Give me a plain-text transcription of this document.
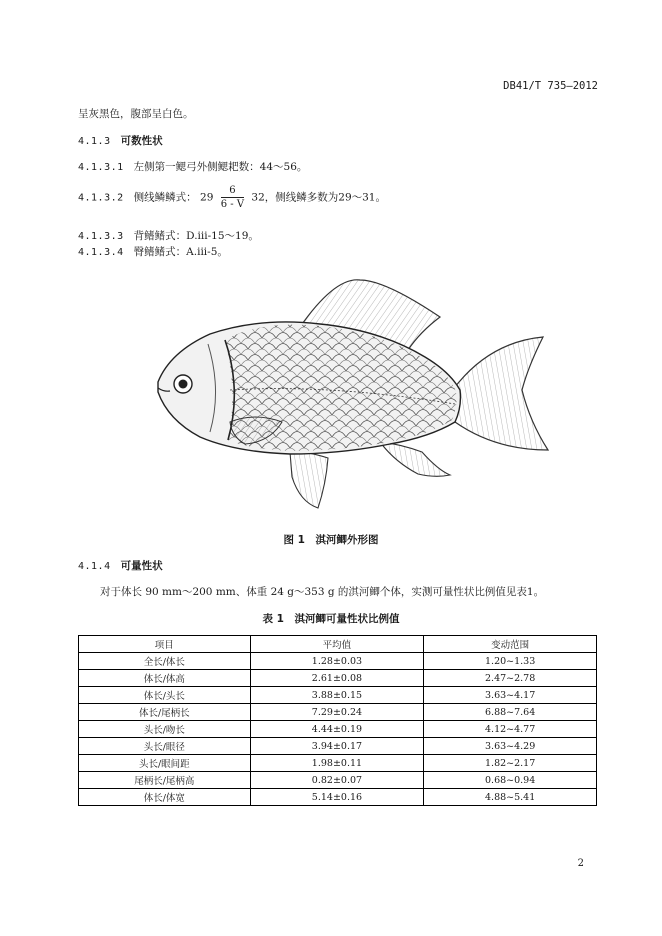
DB41/T 735—2012
呈灰黑色，腹部呈白色。
4.1.3 可数性状
4.1.3.1 左侧第一鳃弓外侧鳃耙数：44～56。
4.1.3.2 侧线鳞鳞式： $29 \frac{6}{6 - V} 32$，侧线鳞多数为29～31。
4.1.3.3 背鳍鳍式：D.iii-15～19。
4.1.3.4 臀鳍鳍式：A.iii-5。
图 1　淇河鲫外形图
4.1.4 可量性状
对于体长 90 mm～200 mm、体重 24 g～353 g 的淇河鲫个体，实测可量性状比例值见表1。
表 1　淇河鲫可量性状比例值
项目	平均值	变动范围
全长/体长	1.28±0.03	1.20~1.33
体长/体高	2.61±0.08	2.47~2.78
体长/头长	3.88±0.15	3.63~4.17
体长/尾柄长	7.29±0.24	6.88~7.64
头长/吻长	4.44±0.19	4.12~4.77
头长/眼径	3.94±0.17	3.63~4.29
头长/眼间距	1.98±0.11	1.82~2.17
尾柄长/尾柄高	0.82±0.07	0.68~0.94
体长/体宽	5.14±0.16	4.88~5.41
2
